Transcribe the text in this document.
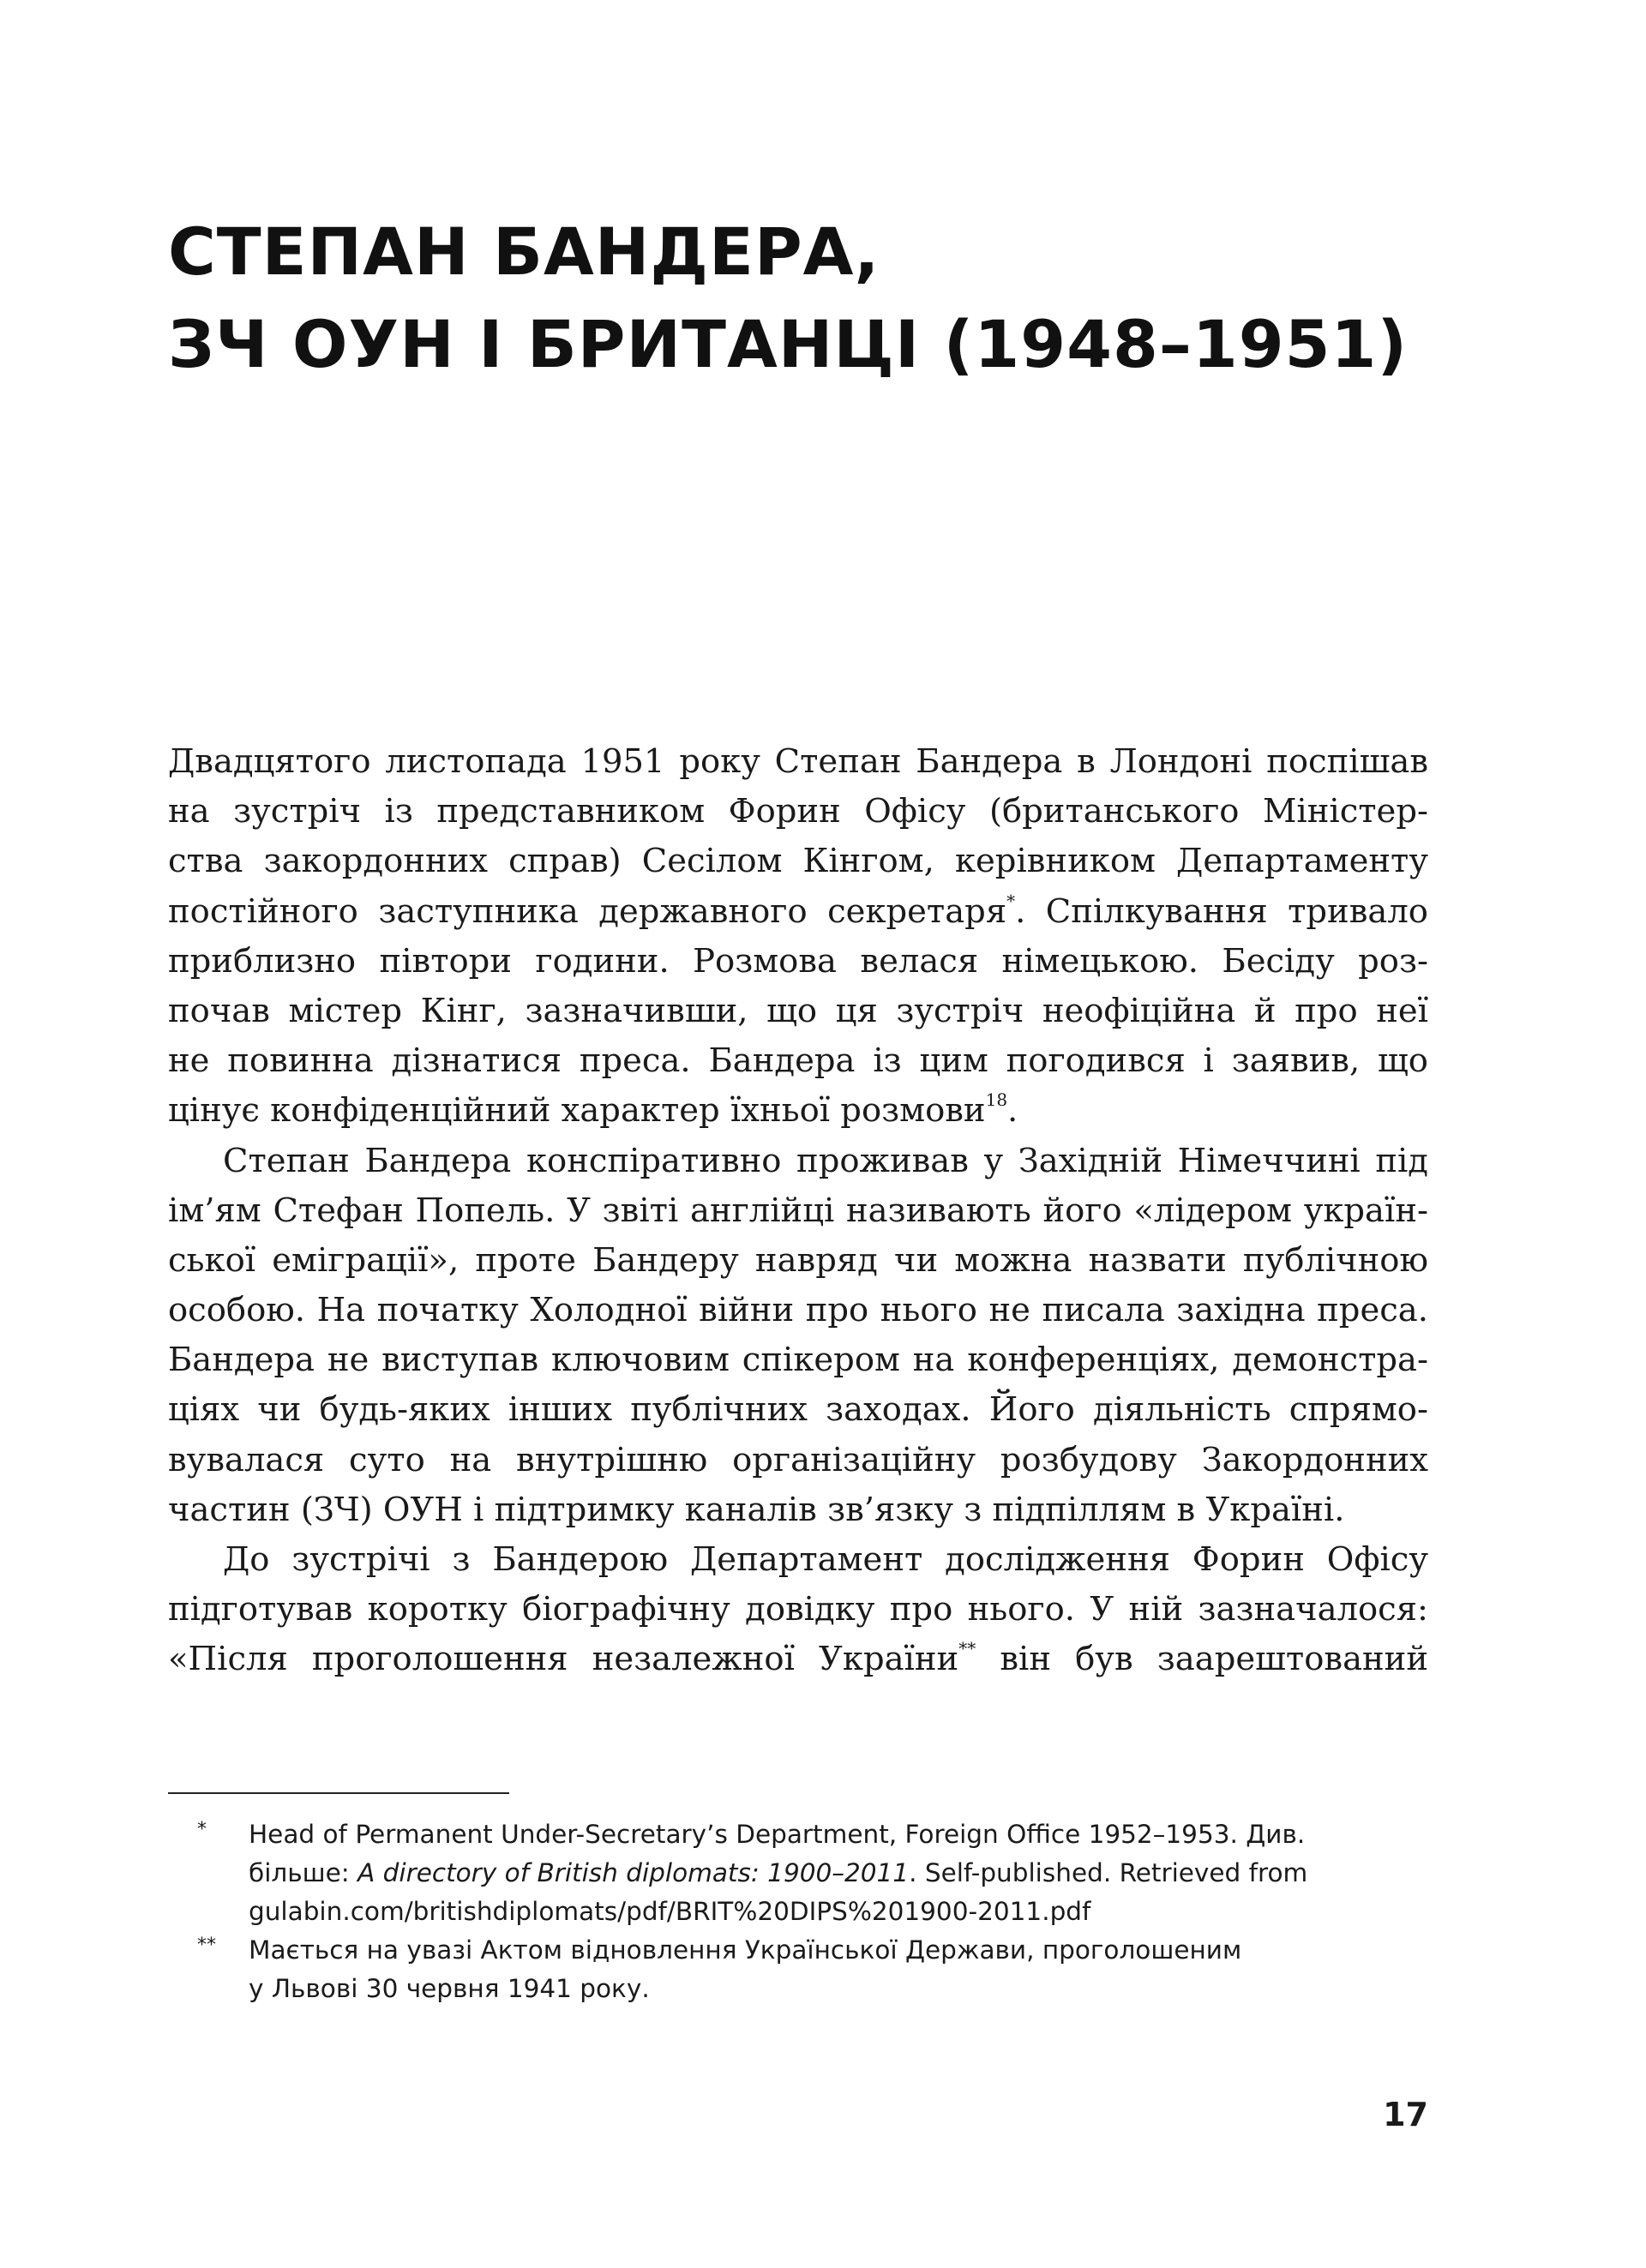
СТЕПАН БАНДЕРА,
ЗЧ ОУН І БРИТАНЦІ (1948–1951)
Двадцятого листопада 1951 року Степан Бандера в Лондоні поспішав
на зустріч із представником Форин Офісу (британського Міністер-
ства закордонних справ) Сесілом Кінгом, керівником Департаменту
постійного заступника державного секретаря*. Спілкування тривало
приблизно півтори години. Розмова велася німецькою. Бесіду роз-
почав містер Кінг, зазначивши, що ця зустріч неофіційна й про неї
не повинна дізнатися преса. Бандера із цим погодився і заявив, що
цінує конфіденційний характер їхньої розмови$^{18}$.
Степан Бандера конспіративно проживав у Західній Німеччині під
ім’ям Стефан Попель. У звіті англійці називають його «лідером україн-
ської еміграції», проте Бандеру навряд чи можна назвати публічною
особою. На початку Холодної війни про нього не писала західна преса.
Бандера не виступав ключовим спікером на конференціях, демонстра-
ціях чи будь-яких інших публічних заходах. Його діяльність спрямо-
вувалася суто на внутрішню організаційну розбудову Закордонних
частин (ЗЧ) ОУН і підтримку каналів зв’язку з підпіллям в Україні.
До зустрічі з Бандерою Департамент дослідження Форин Офісу
підготував коротку біографічну довідку про нього. У ній зазначалося:
«Після проголошення незалежної України** він був заарештований
* Head of Permanent Under-Secretary’s Department, Foreign Office 1952–1953. Див.
більше: A directory of British diplomats: 1900–2011. Self-published. Retrieved from
gulabin.com/britishdiplomats/pdf/BRIT%20DIPS%201900-2011.pdf
** Мається на увазі Актом відновлення Української Держави, проголошеним
у Львові 30 червня 1941 року.
17
